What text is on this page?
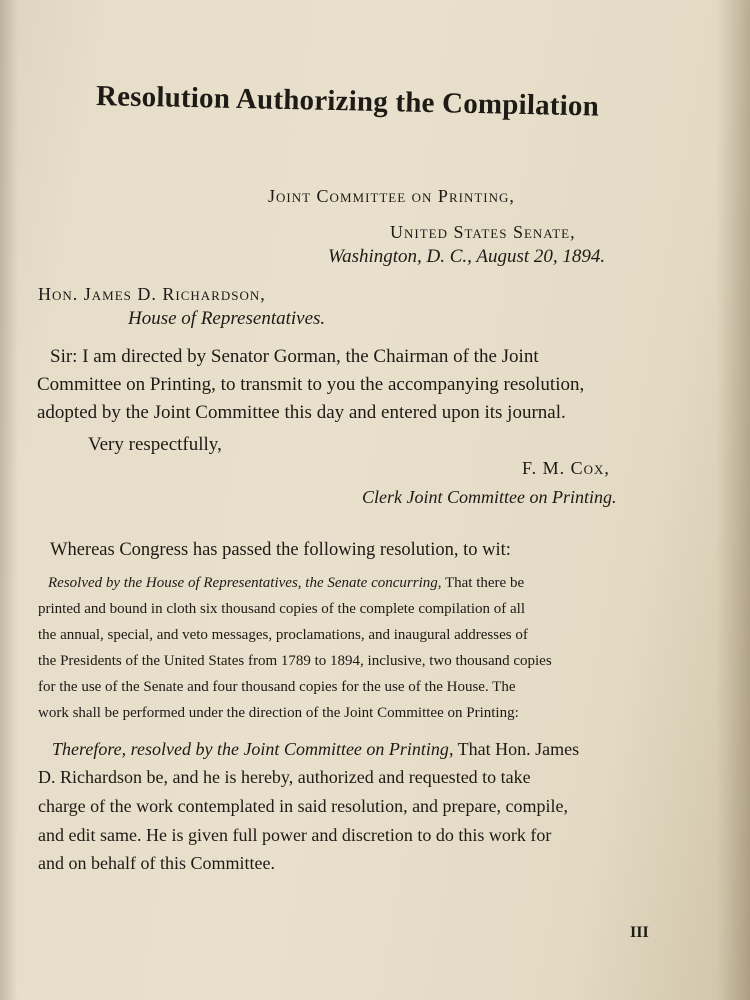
Resolution Authorizing the Compilation

Joint Committee on Printing,

United States Senate,

Washington, D. C., August 20, 1894.

Hon. James D. Richardson,

House of Representatives.

Sir: I am directed by Senator Gorman, the Chairman of the Joint

Committee on Printing, to transmit to you the accompanying resolution,

adopted by the Joint Committee this day and entered upon its journal.

Very respectfully,

F. M. Cox,

Clerk Joint Committee on Printing.

Whereas Congress has passed the following resolution, to wit:

Resolved by the House of Representatives, the Senate concurring, That there be

printed and bound in cloth six thousand copies of the complete compilation of all

the annual, special, and veto messages, proclamations, and inaugural addresses of

the Presidents of the United States from 1789 to 1894, inclusive, two thousand copies

for the use of the Senate and four thousand copies for the use of the House. The

work shall be performed under the direction of the Joint Committee on Printing:

Therefore, resolved by the Joint Committee on Printing, That Hon. James

D. Richardson be, and he is hereby, authorized and requested to take

charge of the work contemplated in said resolution, and prepare, compile,

and edit same. He is given full power and discretion to do this work for

and on behalf of this Committee.

III
